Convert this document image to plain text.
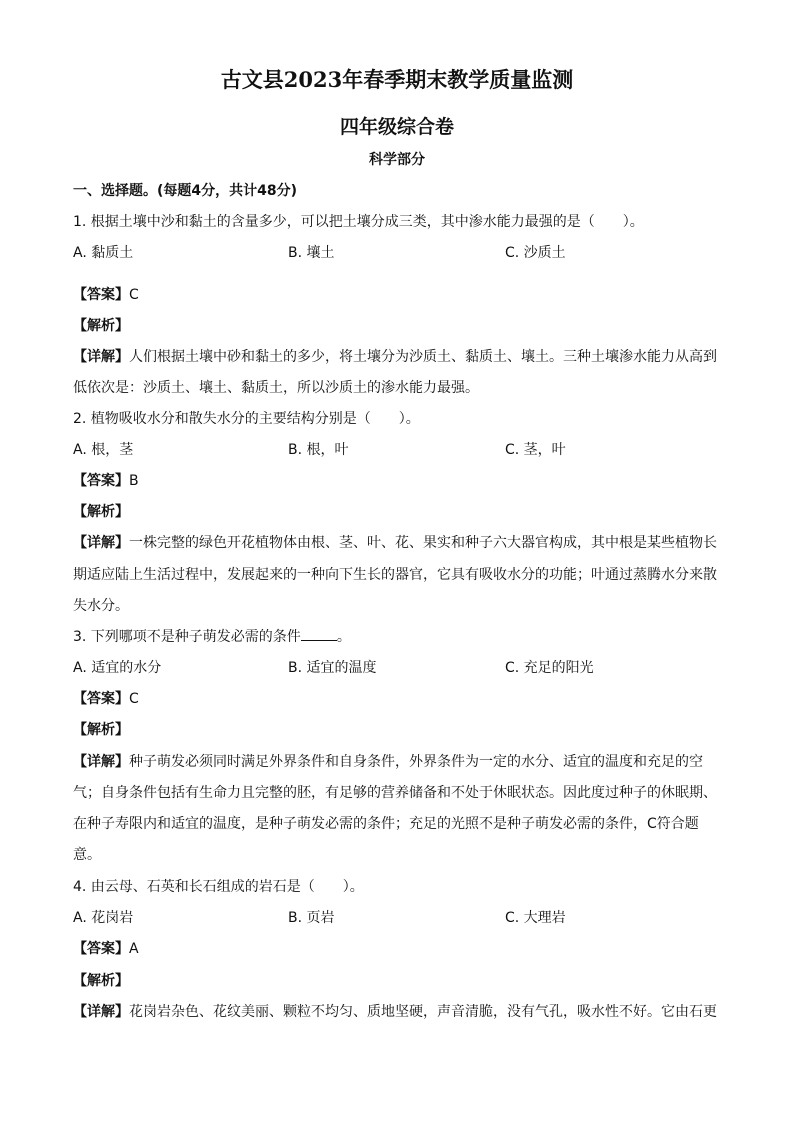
古文县2023年春季期末教学质量监测
四年级综合卷
科学部分
一、选择题。(每题4分，共计48分)
1. 根据土壤中沙和黏土的含量多少，可以把土壤分成三类，其中渗水能力最强的是（　　）。
A. 黏质土	B. 壤土	C. 沙质土
【答案】C
【解析】
【详解】人们根据土壤中砂和黏土的多少，将土壤分为沙质土、黏质土、壤土。三种土壤渗水能力从高到
低依次是：沙质土、壤土、黏质土，所以沙质土的渗水能力最强。
2. 植物吸收水分和散失水分的主要结构分别是（　　）。
A. 根，茎	B. 根，叶	C. 茎，叶
【答案】B
【解析】
【详解】一株完整的绿色开花植物体由根、茎、叶、花、果实和种子六大器官构成，其中根是某些植物长
期适应陆上生活过程中，发展起来的一种向下生长的器官，它具有吸收水分的功能；叶通过蒸腾水分来散
失水分。
3. 下列哪项不是种子萌发必需的条件	。
A. 适宜的水分	B. 适宜的温度	C. 充足的阳光
【答案】C
【解析】
【详解】种子萌发必须同时满足外界条件和自身条件，外界条件为一定的水分、适宜的温度和充足的空
气；自身条件包括有生命力且完整的胚，有足够的营养储备和不处于休眠状态。因此度过种子的休眠期、
在种子寿限内和适宜的温度，是种子萌发必需的条件；充足的光照不是种子萌发必需的条件，C符合题
意。
4. 由云母、石英和长石组成的岩石是（　　）。
A. 花岗岩	B. 页岩	C. 大理岩
【答案】A
【解析】
【详解】花岗岩杂色、花纹美丽、颗粒不均匀、质地坚硬，声音清脆，没有气孔，吸水性不好。它由石更
